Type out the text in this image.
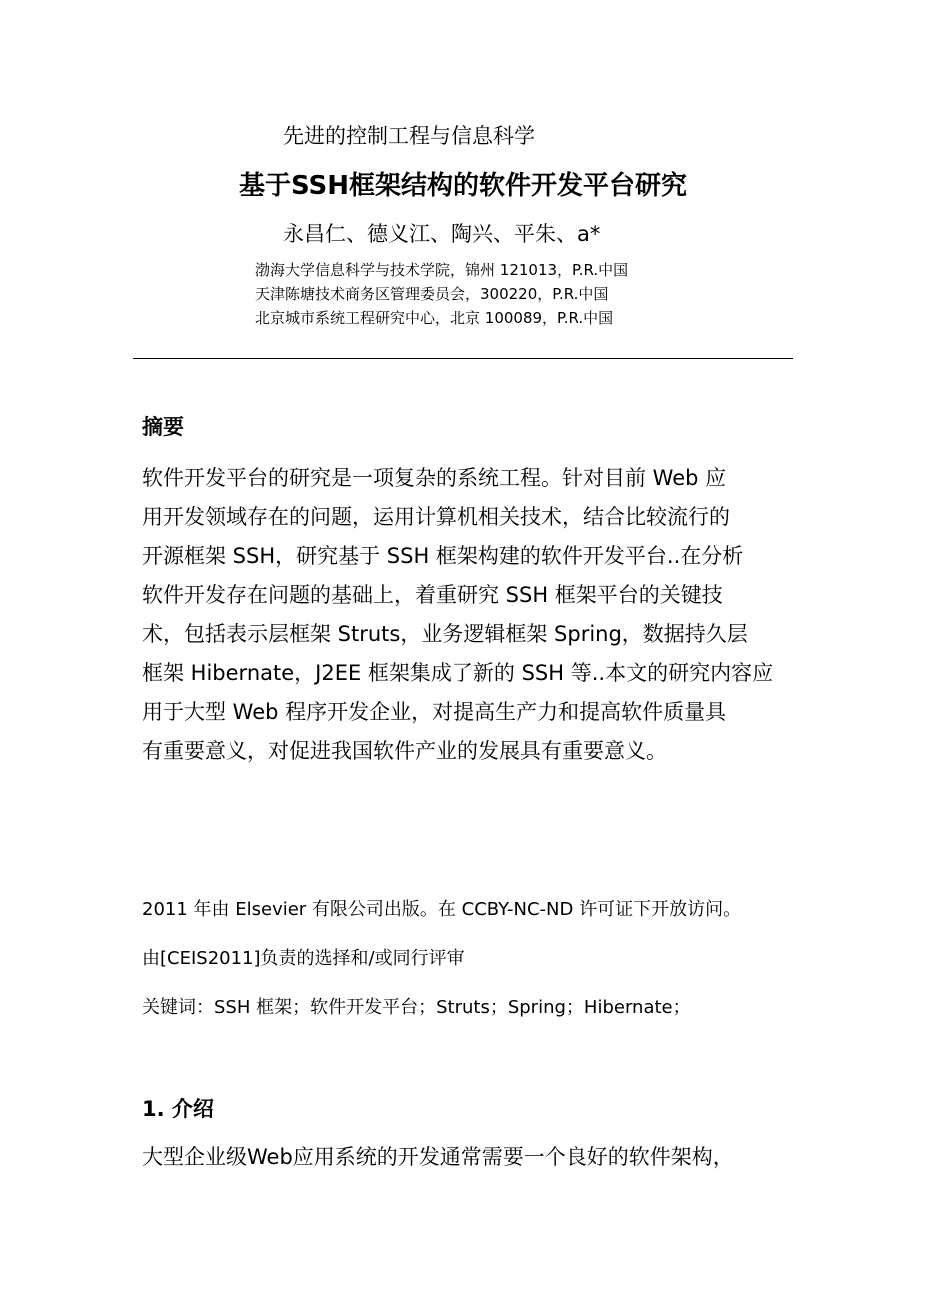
先进的控制工程与信息科学
基于SSH框架结构的软件开发平台研究
永昌仁、德义江、陶兴、平朱、a*
渤海大学信息科学与技术学院，锦州 121013，P.R.中国
天津陈塘技术商务区管理委员会，300220，P.R.中国
北京城市系统工程研究中心，北京 100089，P.R.中国
摘要
软件开发平台的研究是一项复杂的系统工程。针对目前 Web 应
用开发领域存在的问题，运用计算机相关技术，结合比较流行的
开源框架 SSH，研究基于 SSH 框架构建的软件开发平台..在分析
软件开发存在问题的基础上，着重研究 SSH 框架平台的关键技
术，包括表示层框架 Struts，业务逻辑框架 Spring，数据持久层
框架 Hibernate，J2EE 框架集成了新的 SSH 等..本文的研究内容应
用于大型 Web 程序开发企业，对提高生产力和提高软件质量具
有重要意义，对促进我国软件产业的发展具有重要意义。
2011 年由 Elsevier 有限公司出版。在 CCBY-NC-ND 许可证下开放访问。
由[CEIS2011]负责的选择和/或同行评审
关键词：SSH 框架；软件开发平台；Struts；Spring；Hibernate；
1. 介绍
大型企业级Web应用系统的开发通常需要一个良好的软件架构，
